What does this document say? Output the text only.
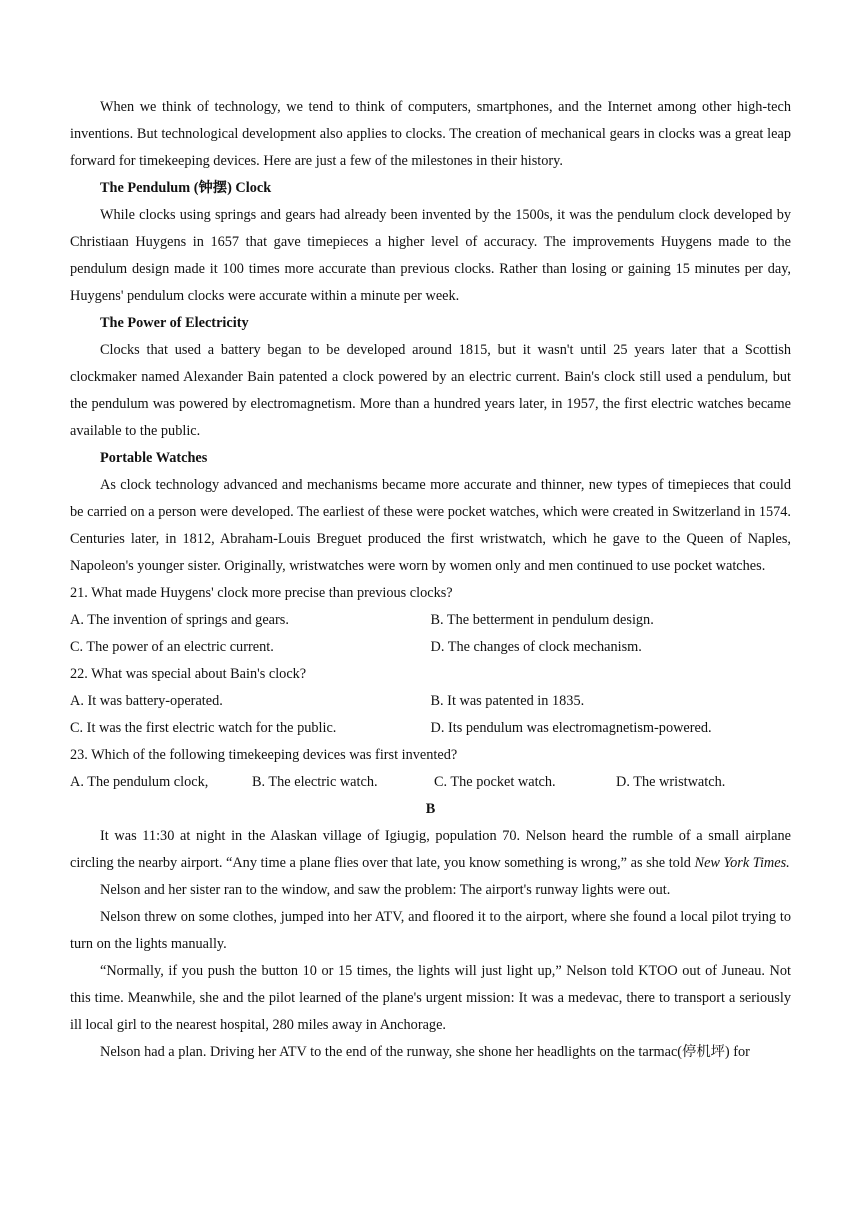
When we think of technology, we tend to think of computers, smartphones, and the Internet among other high-tech inventions. But technological development also applies to clocks. The creation of mechanical gears in clocks was a great leap forward for timekeeping devices. Here are just a few of the milestones in their history.

The Pendulum (钟摆) Clock

While clocks using springs and gears had already been invented by the 1500s, it was the pendulum clock developed by Christiaan Huygens in 1657 that gave timepieces a higher level of accuracy. The improvements Huygens made to the pendulum design made it 100 times more accurate than previous clocks. Rather than losing or gaining 15 minutes per day, Huygens' pendulum clocks were accurate within a minute per week.

The Power of Electricity

Clocks that used a battery began to be developed around 1815, but it wasn't until 25 years later that a Scottish clockmaker named Alexander Bain patented a clock powered by an electric current. Bain's clock still used a pendulum, but the pendulum was powered by electromagnetism. More than a hundred years later, in 1957, the first electric watches became available to the public.

Portable Watches

As clock technology advanced and mechanisms became more accurate and thinner, new types of timepieces that could be carried on a person were developed. The earliest of these were pocket watches, which were created in Switzerland in 1574. Centuries later, in 1812, Abraham-Louis Breguet produced the first wristwatch, which he gave to the Queen of Naples, Napoleon's younger sister. Originally, wristwatches were worn by women only and men continued to use pocket watches.

21. What made Huygens' clock more precise than previous clocks?

A. The invention of springs and gears.	B. The betterment in pendulum design.
C. The power of an electric current.	D. The changes of clock mechanism.

22. What was special about Bain's clock?

A. It was battery-operated.	B. It was patented in 1835.
C. It was the first electric watch for the public.	D. Its pendulum was electromagnetism-powered.

23. Which of the following timekeeping devices was first invented?

A. The pendulum clock,	B. The electric watch.	C. The pocket watch.	D. The wristwatch.

B

It was 11:30 at night in the Alaskan village of Igiugig, population 70. Nelson heard the rumble of a small airplane circling the nearby airport. “Any time a plane flies over that late, you know something is wrong,” as she told New York Times.

Nelson and her sister ran to the window, and saw the problem: The airport's runway lights were out.

Nelson threw on some clothes, jumped into her ATV, and floored it to the airport, where she found a local pilot trying to turn on the lights manually.

“Normally, if you push the button 10 or 15 times, the lights will just light up,” Nelson told KTOO out of Juneau. Not this time. Meanwhile, she and the pilot learned of the plane's urgent mission: It was a medevac, there to transport a seriously ill local girl to the nearest hospital, 280 miles away in Anchorage.

Nelson had a plan. Driving her ATV to the end of the runway, she shone her headlights on the tarmac(停机坪) for
